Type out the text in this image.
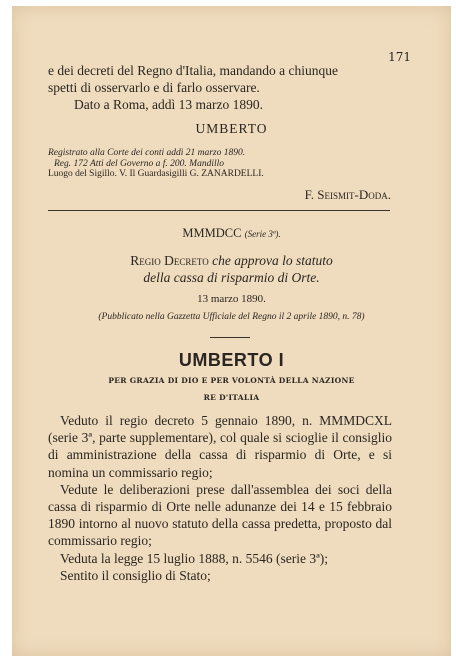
171

e dei decreti del Regno d'Italia, mandando a chiunque

spetti di osservarlo e di farlo osservare.

Dato a Roma, addì 13 marzo 1890.

UMBERTO

Registrato alla Corte dei conti addì 21 marzo 1890.

Reg. 172 Atti del Governo a f. 200. Mandillo

Luogo del Sigillo. V. Il Guardasigilli G. ZANARDELLI.

F. Seismit-Doda.
MMMDCC (Serie 3ª).

Regio Decreto che approva lo statuto

della cassa di risparmio di Orte.

13 marzo 1890.
(Pubblicato nella Gazzetta Ufficiale del Regno il 2 aprile 1890, n. 78)
UMBERTO I
PER GRAZIA DI DIO E PER VOLONTÀ DELLA NAZIONE
RE D'ITALIA

Veduto il regio decreto 5 gennaio 1890, n. MMMDCXL (serie 3ª, parte supplementare), col quale si scioglie il consiglio di amministrazione della cassa di risparmio di Orte, e si nomina un commissario regio;

Vedute le deliberazioni prese dall'assemblea dei soci della cassa di risparmio di Orte nelle adunanze dei 14 e 15 febbraio 1890 intorno al nuovo statuto della cassa predetta, proposto dal commissario regio;

Veduta la legge 15 luglio 1888, n. 5546 (serie 3ª);

Sentito il consiglio di Stato;
